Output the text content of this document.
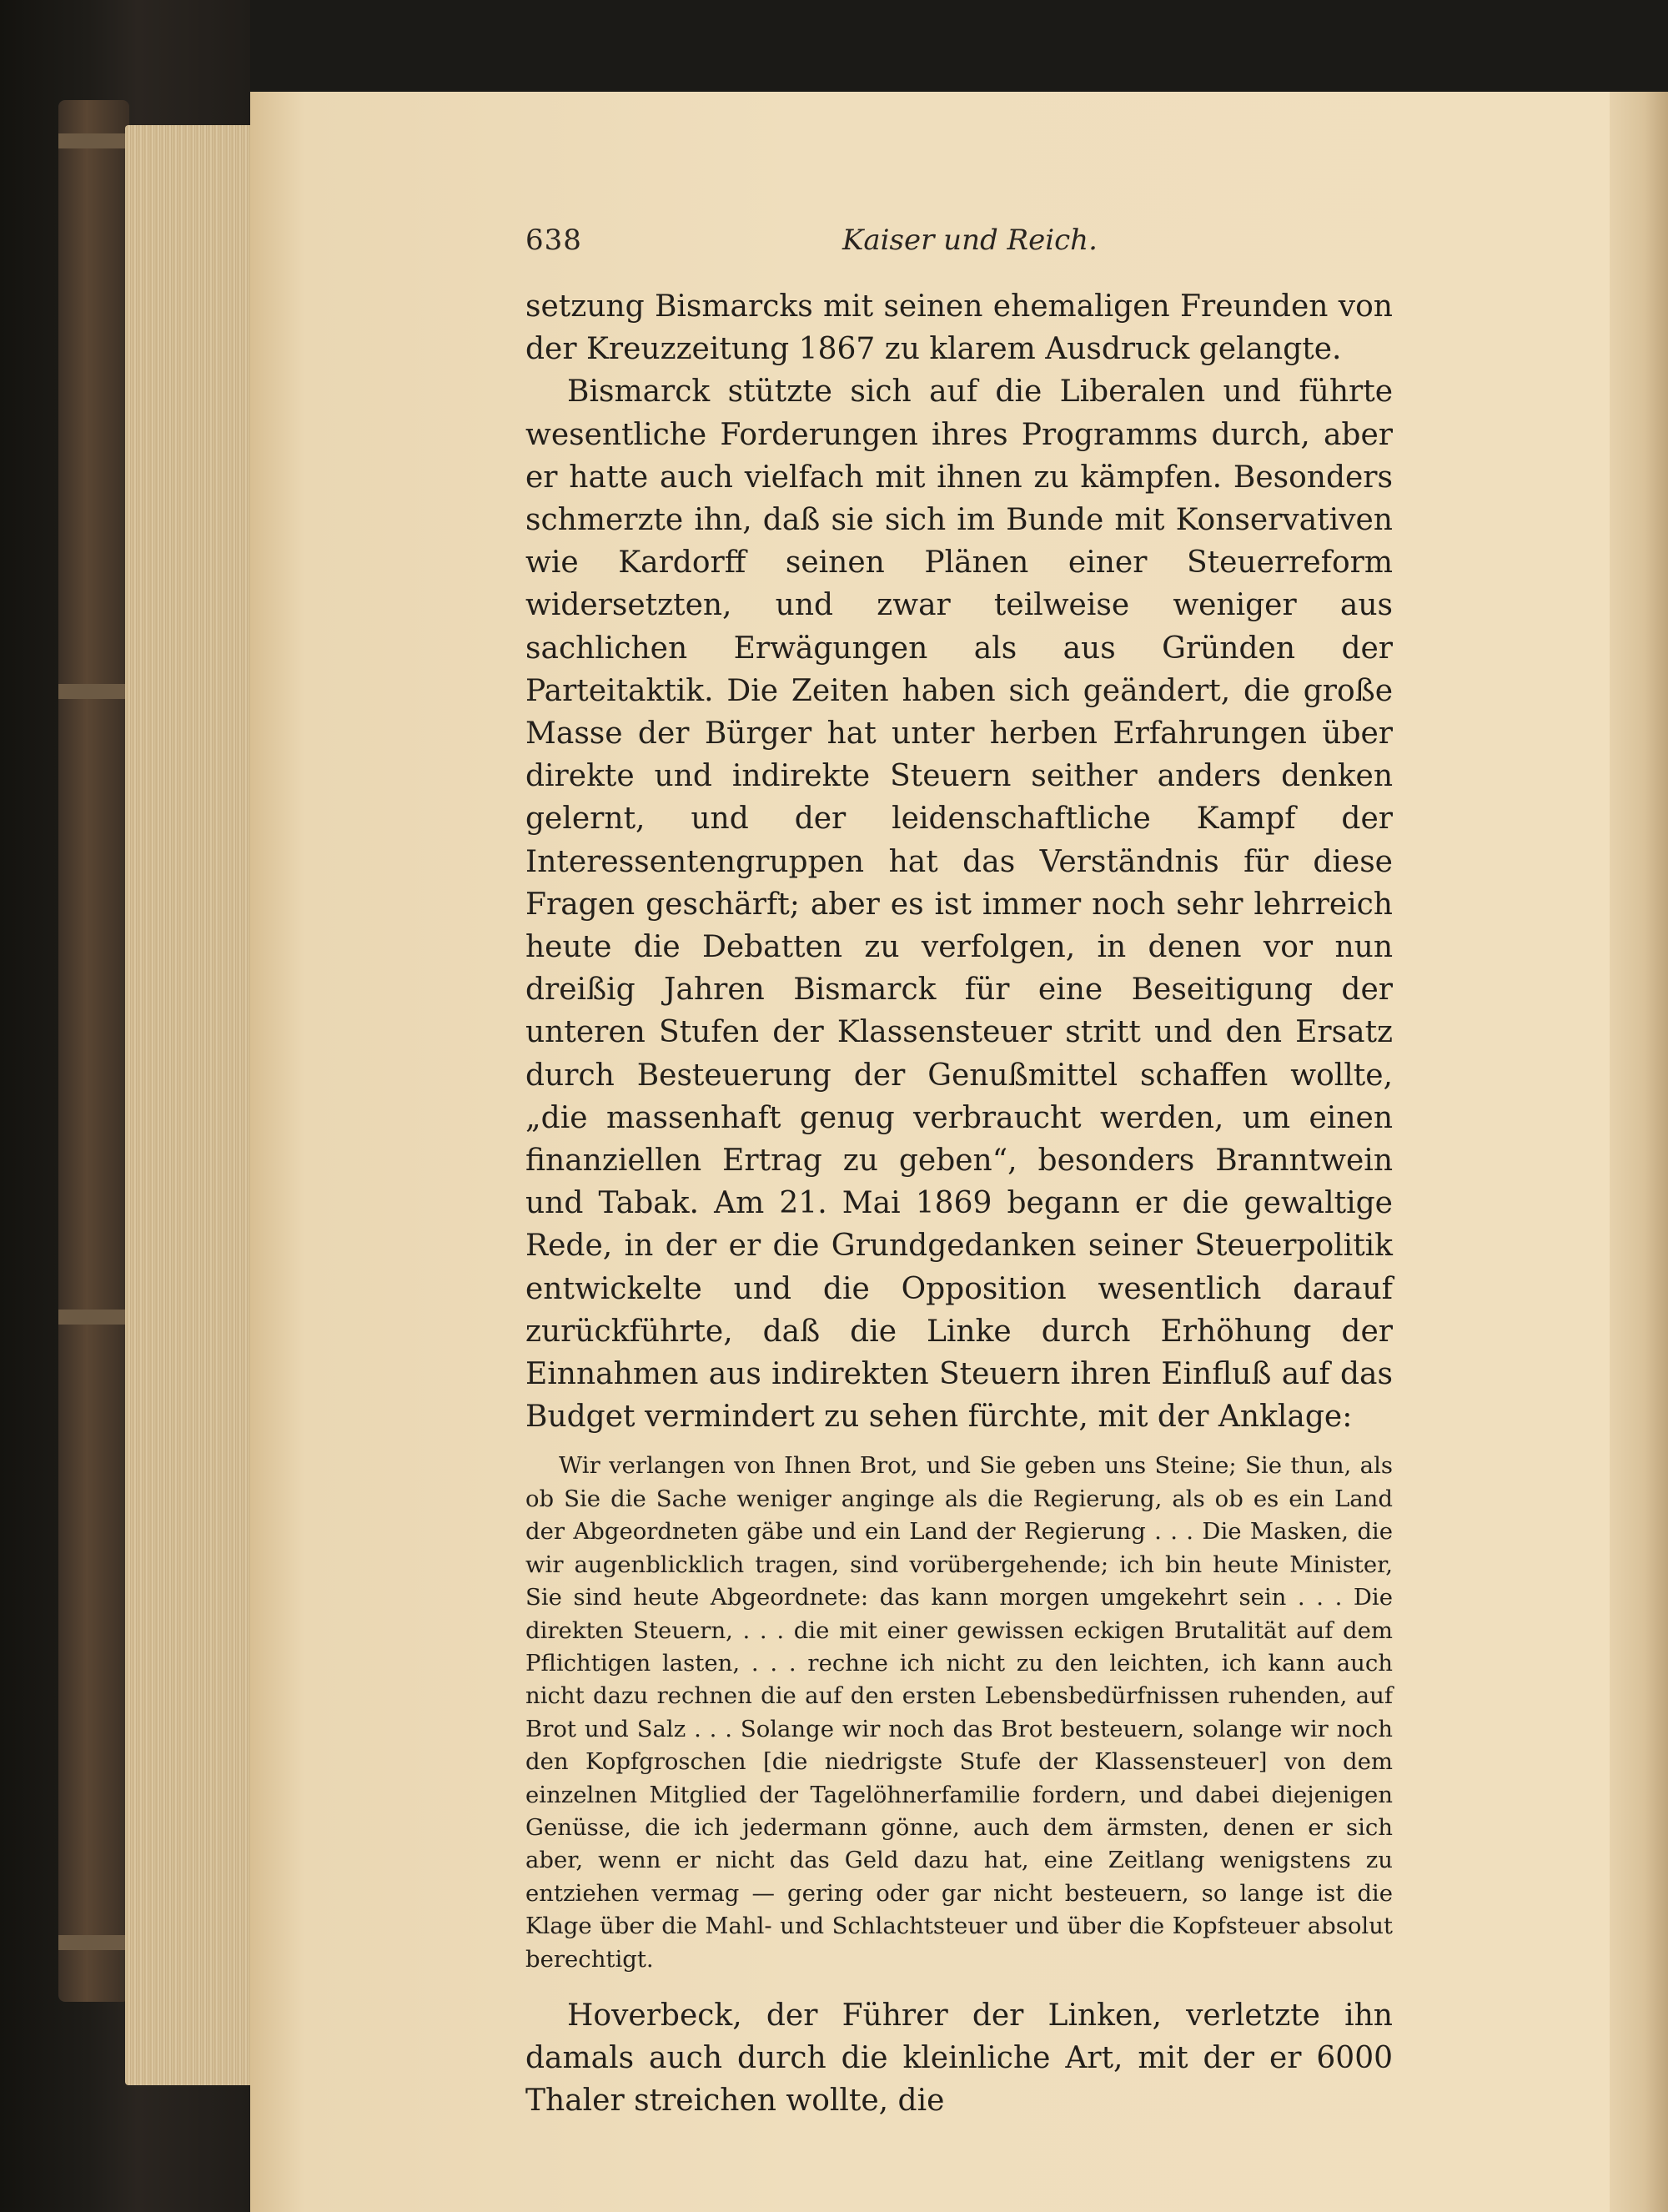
638	Kaiser und Reich.

setzung Bismarcks mit seinen ehemaligen Freunden von der Kreuzzeitung 1867 zu klarem Ausdruck gelangte.

Bismarck stützte sich auf die Liberalen und führte wesentliche Forderungen ihres Programms durch, aber er hatte auch vielfach mit ihnen zu kämpfen. Besonders schmerzte ihn, daß sie sich im Bunde mit Konservativen wie Kardorff seinen Plänen einer Steuerreform widersetzten, und zwar teilweise weniger aus sachlichen Erwägungen als aus Gründen der Parteitaktik. Die Zeiten haben sich geändert, die große Masse der Bürger hat unter herben Erfahrungen über direkte und indirekte Steuern seither anders denken gelernt, und der leidenschaftliche Kampf der Interessentengruppen hat das Verständnis für diese Fragen geschärft; aber es ist immer noch sehr lehrreich heute die Debatten zu verfolgen, in denen vor nun dreißig Jahren Bismarck für eine Beseitigung der unteren Stufen der Klassensteuer stritt und den Ersatz durch Besteuerung der Genußmittel schaffen wollte, „die massenhaft genug verbraucht werden, um einen finanziellen Ertrag zu geben“, besonders Branntwein und Tabak. Am 21. Mai 1869 begann er die gewaltige Rede, in der er die Grundgedanken seiner Steuerpolitik entwickelte und die Opposition wesentlich darauf zurückführte, daß die Linke durch Erhöhung der Einnahmen aus indirekten Steuern ihren Einfluß auf das Budget vermindert zu sehen fürchte, mit der Anklage:

Wir verlangen von Ihnen Brot, und Sie geben uns Steine; Sie thun, als ob Sie die Sache weniger anginge als die Regierung, als ob es ein Land der Abgeordneten gäbe und ein Land der Regierung . . . Die Masken, die wir augenblicklich tragen, sind vorübergehende; ich bin heute Minister, Sie sind heute Abgeordnete: das kann morgen umgekehrt sein . . . Die direkten Steuern, . . . die mit einer gewissen eckigen Brutalität auf dem Pflichtigen lasten, . . . rechne ich nicht zu den leichten, ich kann auch nicht dazu rechnen die auf den ersten Lebensbedürfnissen ruhenden, auf Brot und Salz . . . Solange wir noch das Brot besteuern, solange wir noch den Kopfgroschen [die niedrigste Stufe der Klassensteuer] von dem einzelnen Mitglied der Tagelöhnerfamilie fordern, und dabei diejenigen Genüsse, die ich jedermann gönne, auch dem ärmsten, denen er sich aber, wenn er nicht das Geld dazu hat, eine Zeitlang wenigstens zu entziehen vermag — gering oder gar nicht besteuern, so lange ist die Klage über die Mahl- und Schlachtsteuer und über die Kopfsteuer absolut berechtigt.

Hoverbeck, der Führer der Linken, verletzte ihn damals auch durch die kleinliche Art, mit der er 6000 Thaler streichen wollte, die
